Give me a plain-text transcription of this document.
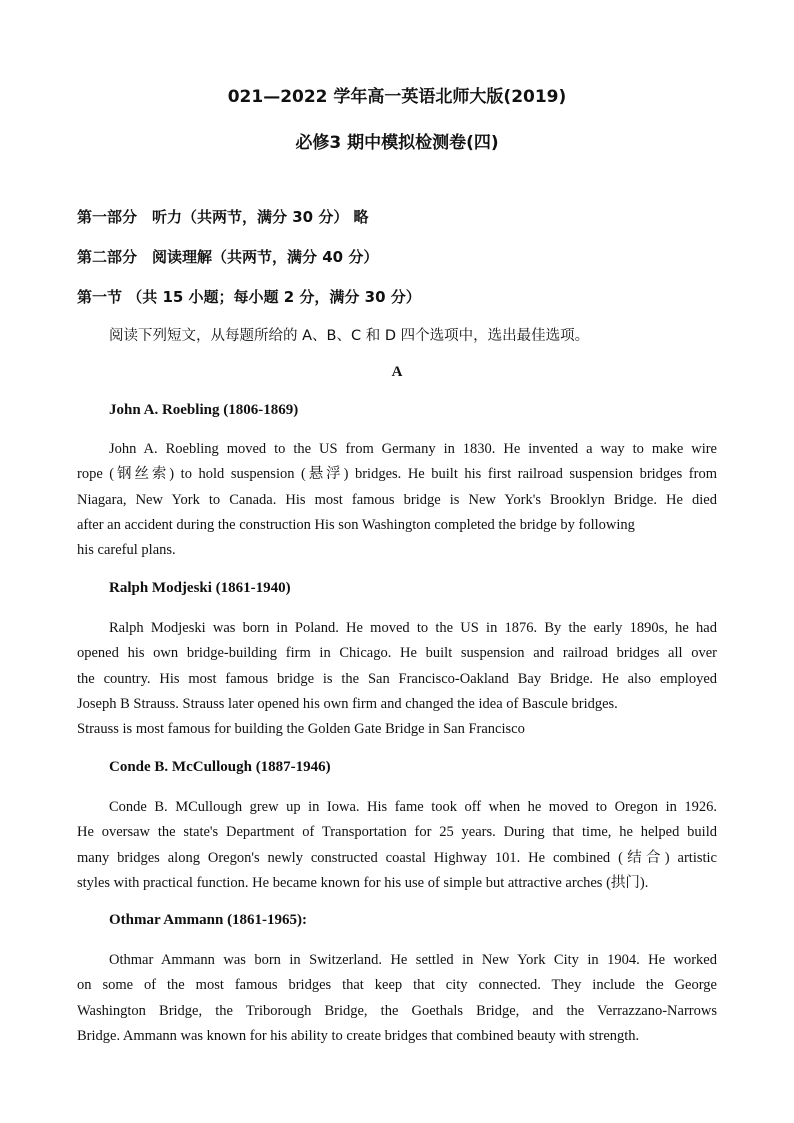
021—2022 学年高一英语北师大版(2019)
必修3 期中模拟检测卷(四)
第一部分　听力（共两节，满分 30 分） 略
第二部分　阅读理解（共两节，满分 40 分）
第一节 （共 15 小题；每小题 2 分，满分 30 分）
阅读下列短文，从每题所给的 A、B、C 和 D 四个选项中，选出最佳选项。
A
John A. Roebling (1806-1869)
John A. Roebling moved to the US from Germany in 1830. He invented a way to make wire
rope (钢丝索) to hold suspension (悬浮) bridges. He built his first railroad suspension bridges from
Niagara, New York to Canada. His most famous bridge is New York's Brooklyn Bridge. He died
after an accident during the construction His son Washington completed the bridge by following
his careful plans.
Ralph Modjeski (1861-1940)
Ralph Modjeski was born in Poland. He moved to the US in 1876. By the early 1890s, he had
opened his own bridge-building firm in Chicago. He built suspension and railroad bridges all over
the country. His most famous bridge is the San Francisco-Oakland Bay Bridge. He also employed
Joseph B Strauss. Strauss later opened his own firm and changed the idea of Bascule bridges.
Strauss is most famous for building the Golden Gate Bridge in San Francisco
Conde B. McCullough (1887-1946)
Conde B. MCullough grew up in Iowa. His fame took off when he moved to Oregon in 1926.
He oversaw the state's Department of Transportation for 25 years. During that time, he helped build
many bridges along Oregon's newly constructed coastal Highway 101. He combined (结合) artistic
styles with practical function. He became known for his use of simple but attractive arches (拱门).
Othmar Ammann (1861-1965):
Othmar Ammann was born in Switzerland. He settled in New York City in 1904. He worked
on some of the most famous bridges that keep that city connected. They include the George
Washington Bridge, the Triborough Bridge, the Goethals Bridge, and the Verrazzano-Narrows
Bridge. Ammann was known for his ability to create bridges that combined beauty with strength.
